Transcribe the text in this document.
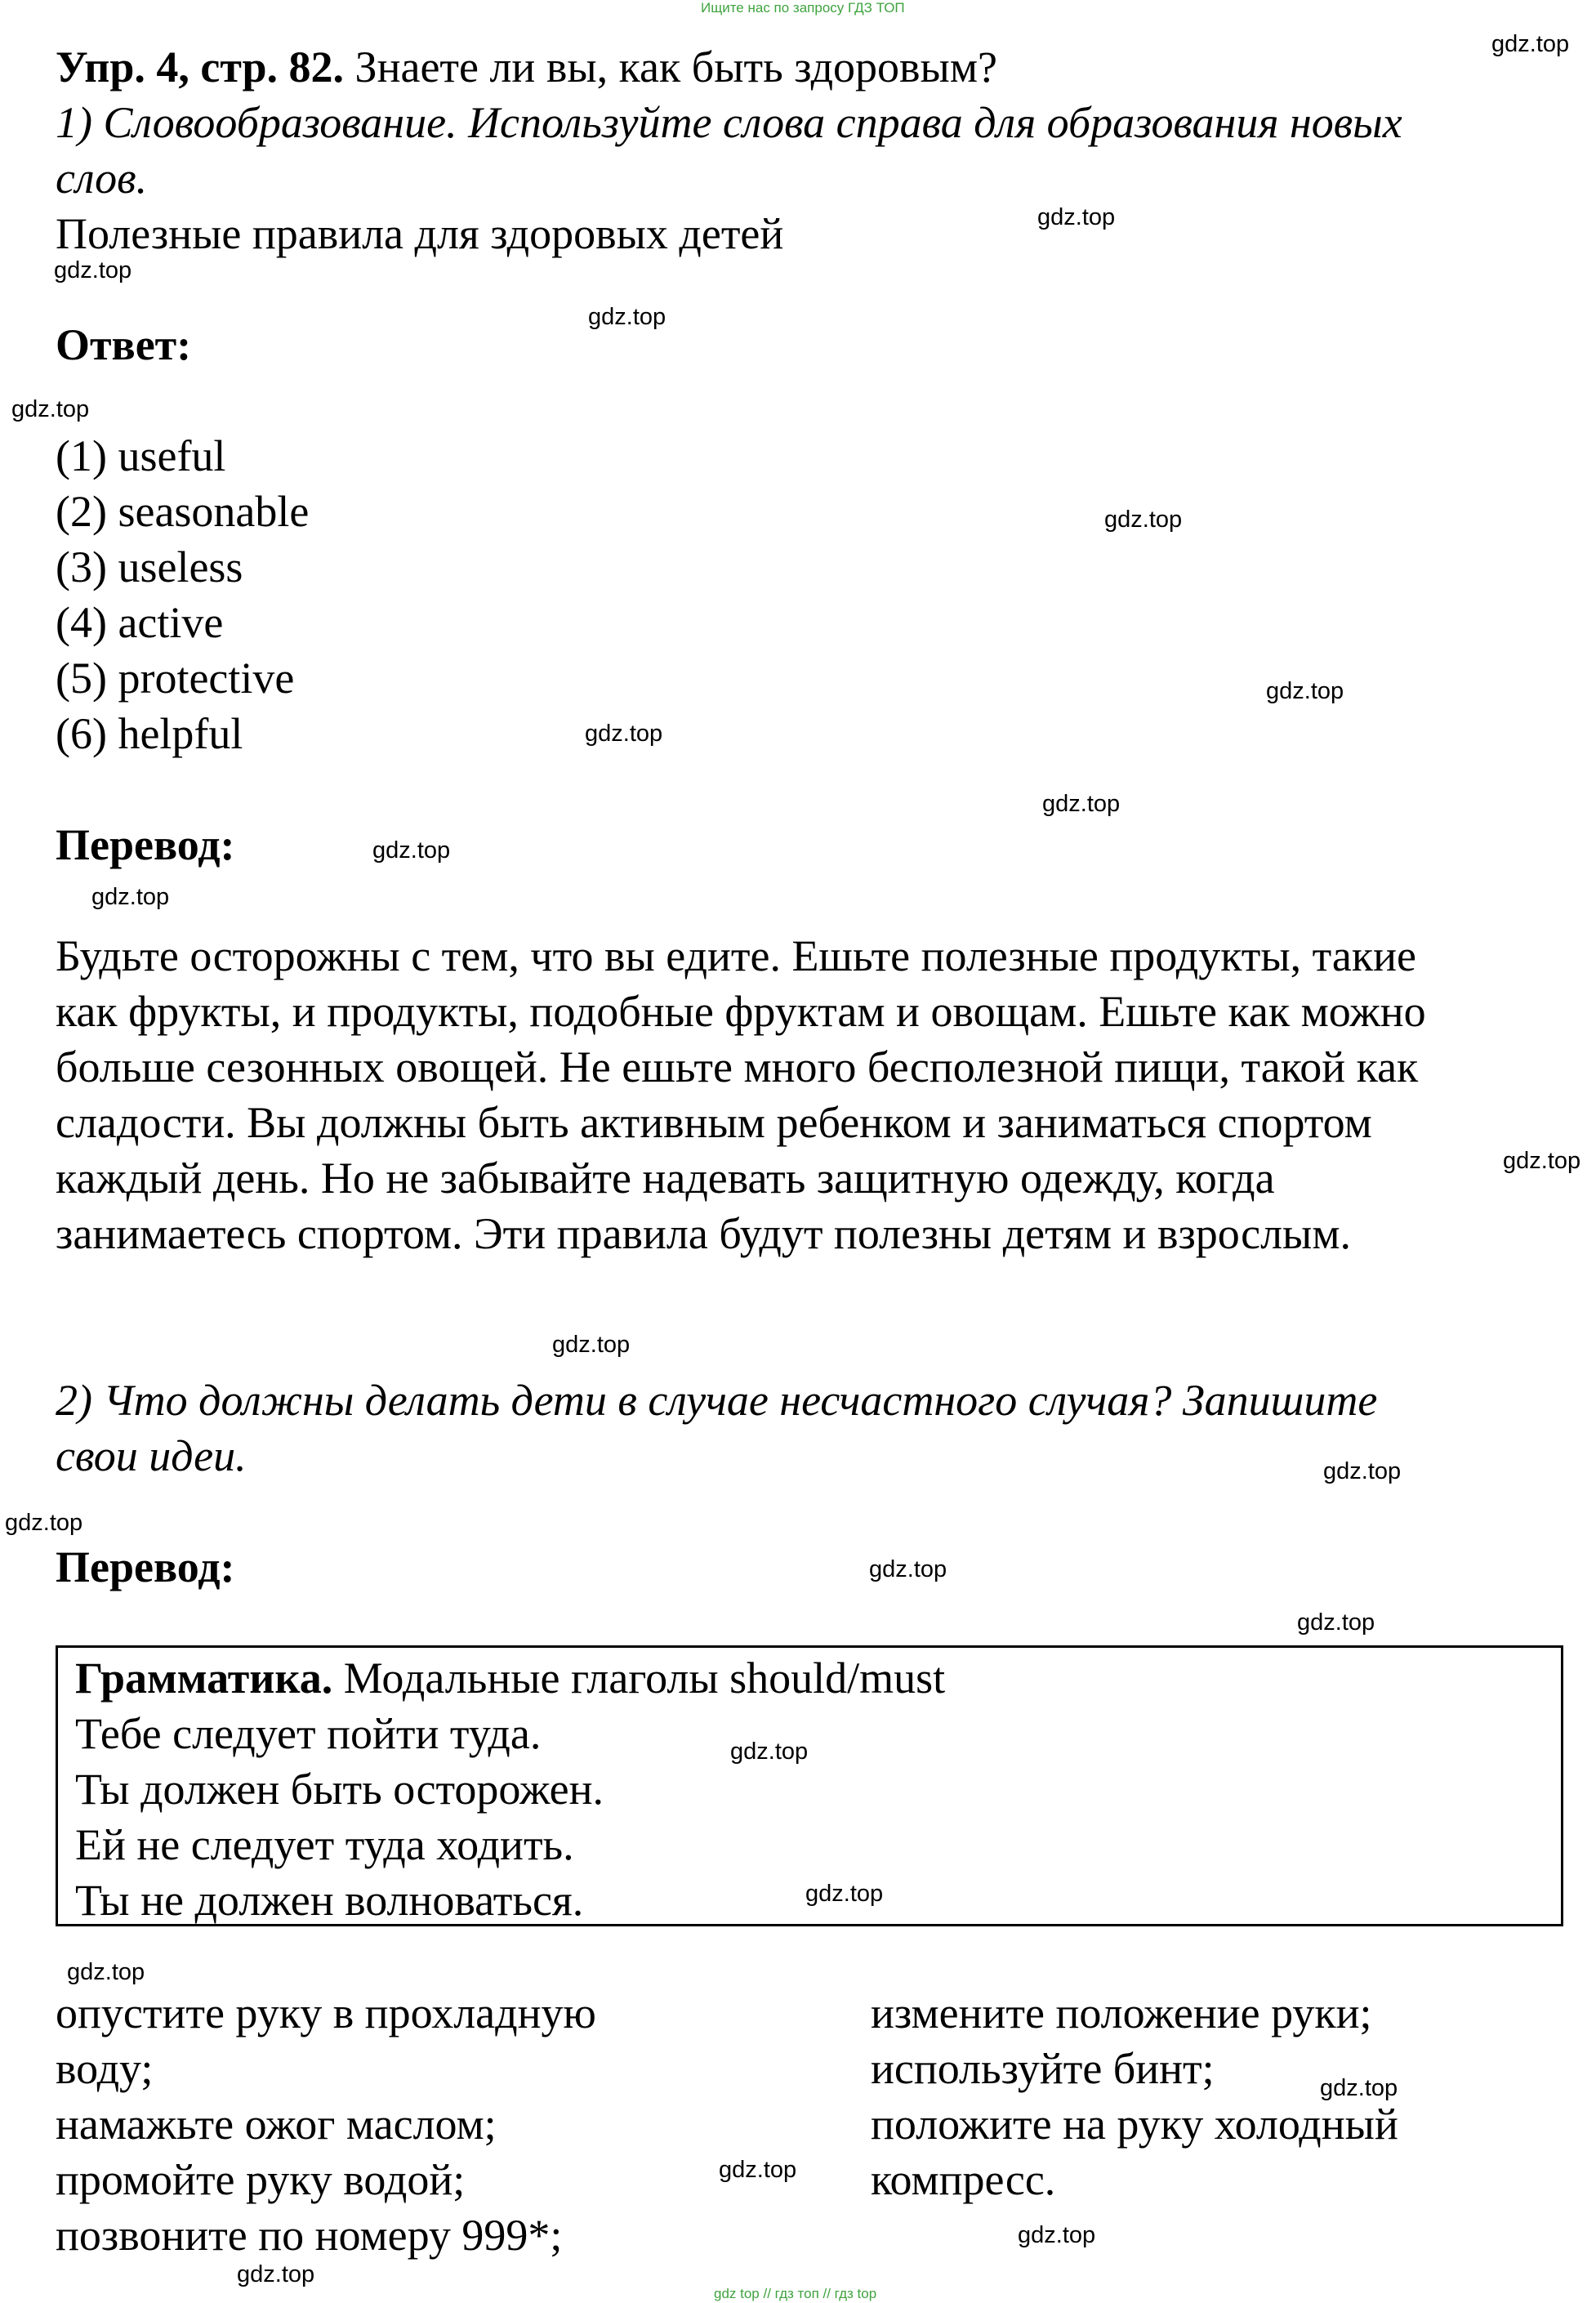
Ищите нас по запросу ГДЗ ТОП
Упр. 4, стр. 82. Знаете ли вы, как быть здоровым?
1) Словообразование. Используйте слова справа для образования новых
слов.
Полезные правила для здоровых детей
Ответ:
(1) useful
(2) seasonable
(3) useless
(4) active
(5) protective
(6) helpful
Перевод:
Будьте осторожны с тем, что вы едите. Ешьте полезные продукты, такие
как фрукты, и продукты, подобные фруктам и овощам. Ешьте как можно
больше сезонных овощей. Не ешьте много бесполезной пищи, такой как
сладости. Вы должны быть активным ребенком и заниматься спортом
каждый день. Но не забывайте надевать защитную одежду, когда
занимаетесь спортом. Эти правила будут полезны детям и взрослым.
2) Что должны делать дети в случае несчастного случая? Запишите
свои идеи.
Перевод:
Грамматика. Модальные глаголы should/must
Тебе следует пойти туда.
Ты должен быть осторожен.
Ей не следует туда ходить.
Ты не должен волноваться.
опустите руку в прохладную
воду;
намажьте ожог маслом;
промойте руку водой;
позвоните по номеру 999*;
измените положение руки;
используйте бинт;
положите на руку холодный
компресс.
gdz.top
gdz.top
gdz.top
gdz.top
gdz.top
gdz.top
gdz.top
gdz.top
gdz.top
gdz.top
gdz.top
gdz.top
gdz.top
gdz.top
gdz.top
gdz.top
gdz.top
gdz.top
gdz.top
gdz.top
gdz.top
gdz.top
gdz.top
gdz.top
gdz top // гдз топ // гдз top
